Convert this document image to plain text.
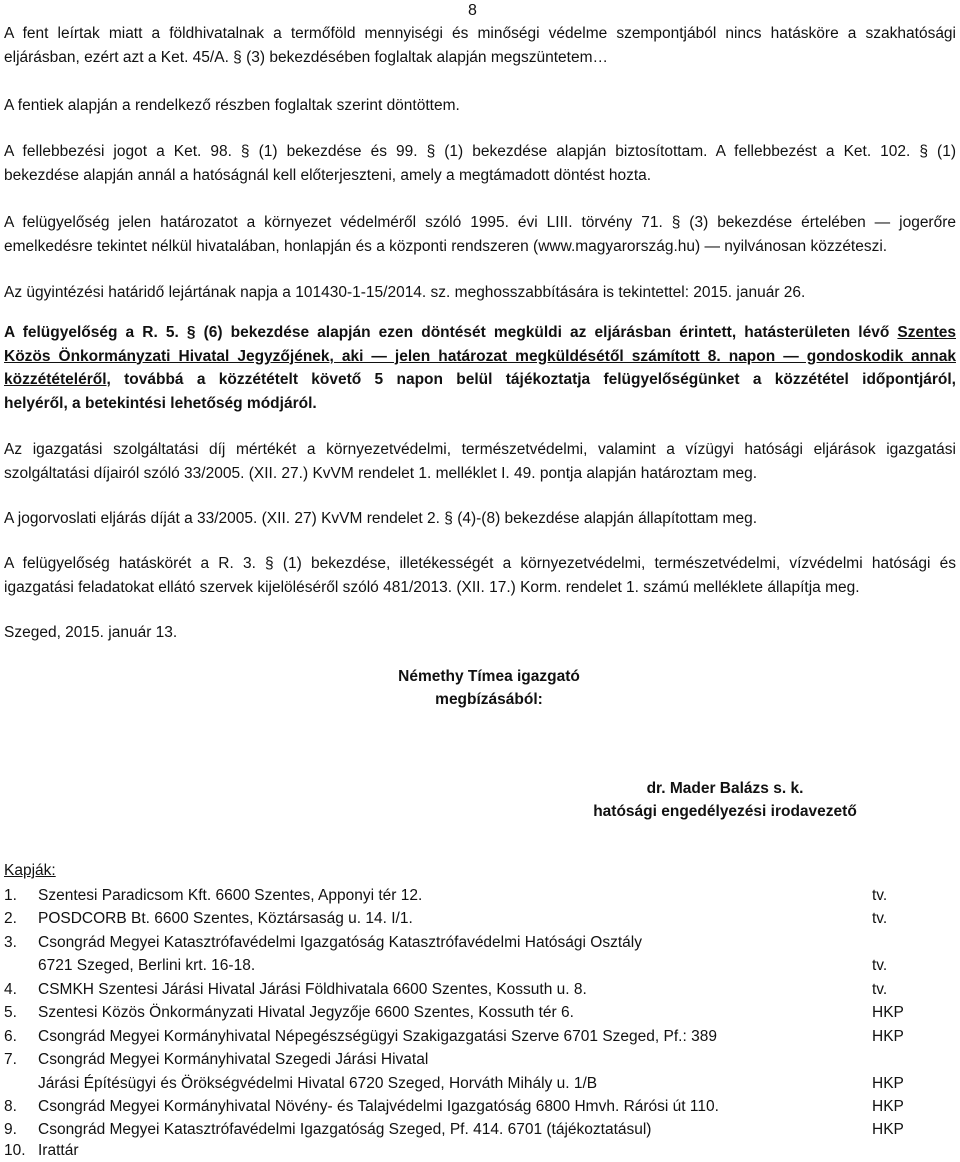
8

A fent leírtak miatt a földhivatalnak a termőföld mennyiségi és minőségi védelme szempontjából nincs hatásköre a szakhatósági
eljárásban, ezért azt a Ket. 45/A. § (3) bekezdésében foglaltak alapján megszüntetem…

A fentiek alapján a rendelkező részben foglaltak szerint döntöttem.

A fellebbezési jogot a Ket. 98. § (1) bekezdése és 99. § (1) bekezdése alapján biztosítottam. A fellebbezést a Ket. 102. § (1)
bekezdése alapján annál a hatóságnál kell előterjeszteni, amely a megtámadott döntést hozta.

A felügyelőség jelen határozatot a környezet védelméről szóló 1995. évi LIII. törvény 71. § (3) bekezdése értelében — jogerőre
emelkedésre tekintet nélkül hivatalában, honlapján és a központi rendszeren (www.magyarország.hu) — nyilvánosan közzéteszi.

Az ügyintézési határidő lejártának napja a 101430-1-15/2014. sz. meghosszabbítására is tekintettel: 2015. január 26.

A felügyelőség a R. 5. § (6) bekezdése alapján ezen döntését megküldi az eljárásban érintett, hatásterületen lévő Szentes
Közös Önkormányzati Hivatal Jegyzőjének, aki — jelen határozat megküldésétől számított 8. napon — gondoskodik annak
közzétételéről, továbbá a közzétételt követő 5 napon belül tájékoztatja felügyelőségünket a közzététel időpontjáról,
helyéről, a betekintési lehetőség módjáról.

Az igazgatási szolgáltatási díj mértékét a környezetvédelmi, természetvédelmi, valamint a vízügyi hatósági eljárások igazgatási
szolgáltatási díjairól szóló 33/2005. (XII. 27.) KvVM rendelet 1. melléklet I. 49. pontja alapján határoztam meg.

A jogorvoslati eljárás díját a 33/2005. (XII. 27) KvVM rendelet 2. § (4)-(8) bekezdése alapján állapítottam meg.

A felügyelőség hatáskörét a R. 3. § (1) bekezdése, illetékességét a környezetvédelmi, természetvédelmi, vízvédelmi hatósági és
igazgatási feladatokat ellátó szervek kijelöléséről szóló 481/2013. (XII. 17.) Korm. rendelet 1. számú melléklete állapítja meg.

Szeged, 2015. január 13.

Némethy Tímea igazgató
megbízásából:
dr. Mader Balázs s. k.
hatósági engedélyezési irodavezető
Kapják:
1. Szentesi Paradicsom Kft. 6600 Szentes, Apponyi tér 12.	tv.
2. POSDCORB Bt. 6600 Szentes, Köztársaság u. 14. I/1.	tv.
3. Csongrád Megyei Katasztrófavédelmi Igazgatóság Katasztrófavédelmi Hatósági Osztály
6721 Szeged, Berlini krt. 16-18.	tv.
4. CSMKH Szentesi Járási Hivatal Járási Földhivatala 6600 Szentes, Kossuth u. 8.	tv.
5. Szentesi Közös Önkormányzati Hivatal Jegyzője 6600 Szentes, Kossuth tér 6.	HKP
6. Csongrád Megyei Kormányhivatal Népegészségügyi Szakigazgatási Szerve 6701 Szeged, Pf.: 389	HKP
7. Csongrád Megyei Kormányhivatal Szegedi Járási Hivatal
Járási Építésügyi és Örökségvédelmi Hivatal 6720 Szeged, Horváth Mihály u. 1/B	HKP
8. Csongrád Megyei Kormányhivatal Növény- és Talajvédelmi Igazgatóság 6800 Hmvh. Rárósi út 110.	HKP
9. Csongrád Megyei Katasztrófavédelmi Igazgatóság Szeged, Pf. 414. 6701 (tájékoztatásul)	HKP
10. Irattár
